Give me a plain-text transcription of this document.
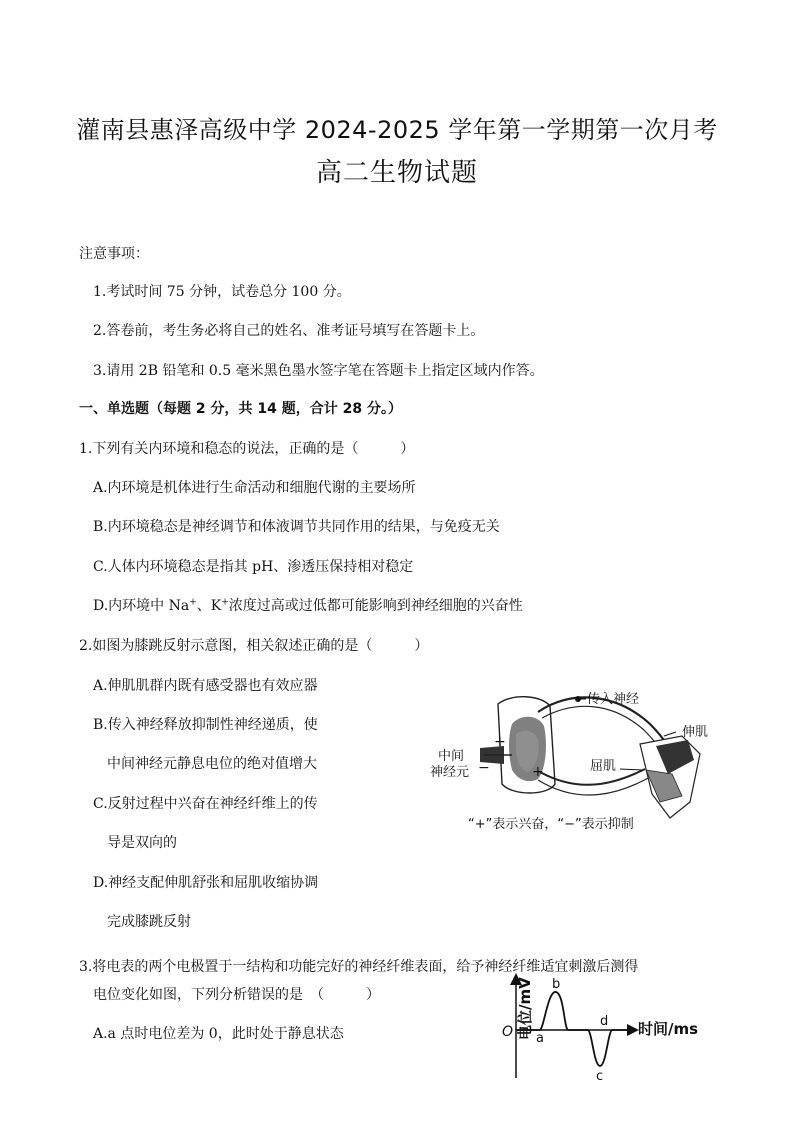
灌南县惠泽高级中学 2024-2025 学年第一学期第一次月考
高二生物试题
注意事项：
1.考试时间 75 分钟，试卷总分 100 分。
2.答卷前，考生务必将自己的姓名、准考证号填写在答题卡上。
3.请用 2B 铅笔和 0.5 毫米黑色墨水签字笔在答题卡上指定区域内作答。
一、单选题（每题 2 分，共 14 题，合计 28 分。）
1.下列有关内环境和稳态的说法，正确的是（　　　）
A.内环境是机体进行生命活动和细胞代谢的主要场所
B.内环境稳态是神经调节和体液调节共同作用的结果，与免疫无关
C.人体内环境稳态是指其 pH、渗透压保持相对稳定
D.内环境中 Na+、K+浓度过高或过低都可能影响到神经细胞的兴奋性
2.如图为膝跳反射示意图，相关叙述正确的是（　　　）
A.伸肌肌群内既有感受器也有效应器
B.传入神经释放抑制性神经递质，使
中间神经元静息电位的绝对值增大
C.反射过程中兴奋在神经纤维上的传
导是双向的
D.神经支配伸肌舒张和屈肌收缩协调
完成膝跳反射
传入神经
伸肌
屈肌
中间
神经元
+
−	+
“+”表示兴奋，“−”表示抑制
3.将电表的两个电极置于一结构和功能完好的神经纤维表面，给予神经纤维适宜刺激后测得
电位变化如图，下列分析错误的是　（　　　）
A.a 点时电位差为 0，此时处于静息状态	电位/mV	时间/ms
O a
b
c
d
